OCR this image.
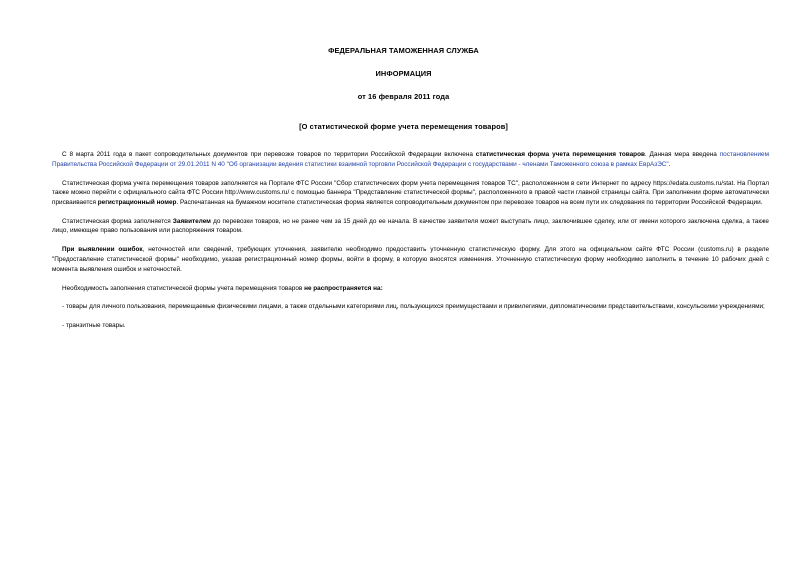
ФЕДЕРАЛЬНАЯ ТАМОЖЕННАЯ СЛУЖБА
ИНФОРМАЦИЯ
от 16 февраля 2011 года
[О статистической форме учета перемещения товаров]

С 8 марта 2011 года в пакет сопроводительных документов при перевозке товаров по территории Российской Федерации включена статистическая форма учета перемещения товаров. Данная мера введена постановлением Правительства Российской Федерации от 29.01.2011 N 40 "Об организации ведения статистики взаимной торговли Российской Федерации с государствами - членами Таможенного союза в рамках ЕврАзЭС".

Статистическая форма учета перемещения товаров заполняется на Портале ФТС России "Сбор статистических форм учета перемещения товаров ТС", расположенном в сети Интернет по адресу https://edata.customs.ru/stat. На Портал также можно перейти с официального сайта ФТС России http://www.customs.ru/ с помощью баннера "Представление статистической формы", расположенного в правой части главной страницы сайта. При заполнении форме автоматически присваивается регистрационный номер. Распечатанная на бумажном носителе статистическая форма является сопроводительным документом при перевозке товаров на всем пути их следования по территории Российской Федерации.

Статистическая форма заполняется Заявителем до перевозки товаров, но не ранее чем за 15 дней до ее начала. В качестве заявителя может выступать лицо, заключившее сделку, или от имени которого заключена сделка, а также лицо, имеющее право пользования или распоряжения товаром.

При выявлении ошибок, неточностей или сведений, требующих уточнения, заявителю необходимо предоставить уточненную статистическую форму. Для этого на официальном сайте ФТС России (customs.ru) в разделе "Предоставление статистической формы" необходимо, указав регистрационный номер формы, войти в форму, в которую вносятся изменения. Уточненную статистическую форму необходимо заполнить в течение 10 рабочих дней с момента выявления ошибок и неточностей.

Необходимость заполнения статистической формы учета перемещения товаров не распространяется на:

- товары для личного пользования, перемещаемые физическими лицами, а также отдельными категориями лиц, пользующихся преимуществами и привилегиями, дипломатическими представительствами, консульскими учреждениями;

- транзитные товары.
